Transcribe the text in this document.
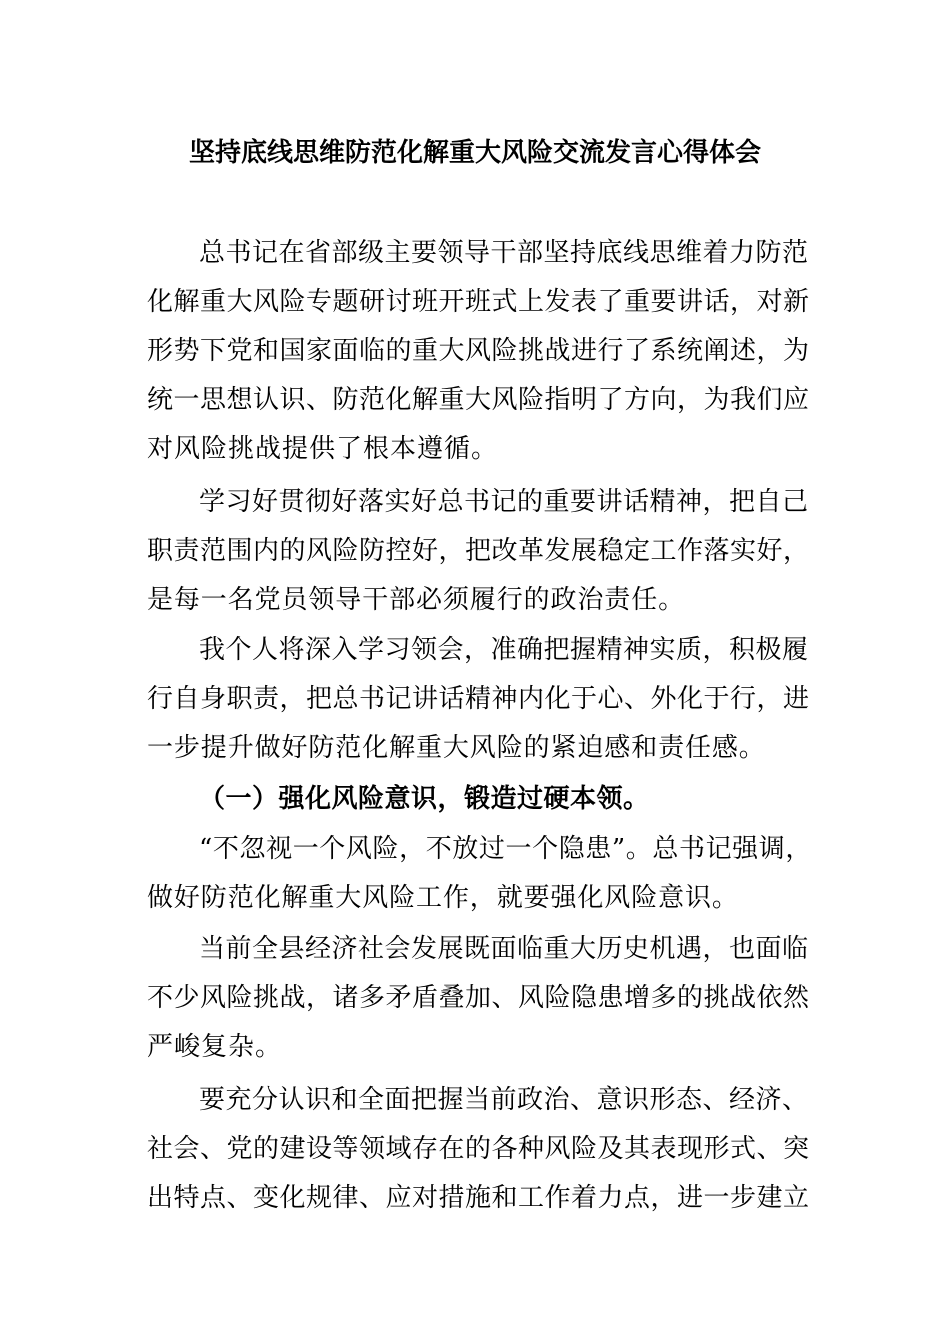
坚持底线思维防范化解重大风险交流发言心得体会
总书记在省部级主要领导干部坚持底线思维着力防范
化解重大风险专题研讨班开班式上发表了重要讲话，对新
形势下党和国家面临的重大风险挑战进行了系统阐述，为
统一思想认识、防范化解重大风险指明了方向，为我们应
对风险挑战提供了根本遵循。
学习好贯彻好落实好总书记的重要讲话精神，把自己
职责范围内的风险防控好，把改革发展稳定工作落实好，
是每一名党员领导干部必须履行的政治责任。
我个人将深入学习领会，准确把握精神实质，积极履
行自身职责，把总书记讲话精神内化于心、外化于行，进
一步提升做好防范化解重大风险的紧迫感和责任感。
（一）强化风险意识，锻造过硬本领。
“不忽视一个风险，不放过一个隐患”。总书记强调，
做好防范化解重大风险工作，就要强化风险意识。
当前全县经济社会发展既面临重大历史机遇，也面临
不少风险挑战，诸多矛盾叠加、风险隐患增多的挑战依然
严峻复杂。
要充分认识和全面把握当前政治、意识形态、经济、
社会、党的建设等领域存在的各种风险及其表现形式、突
出特点、变化规律、应对措施和工作着力点，进一步建立
